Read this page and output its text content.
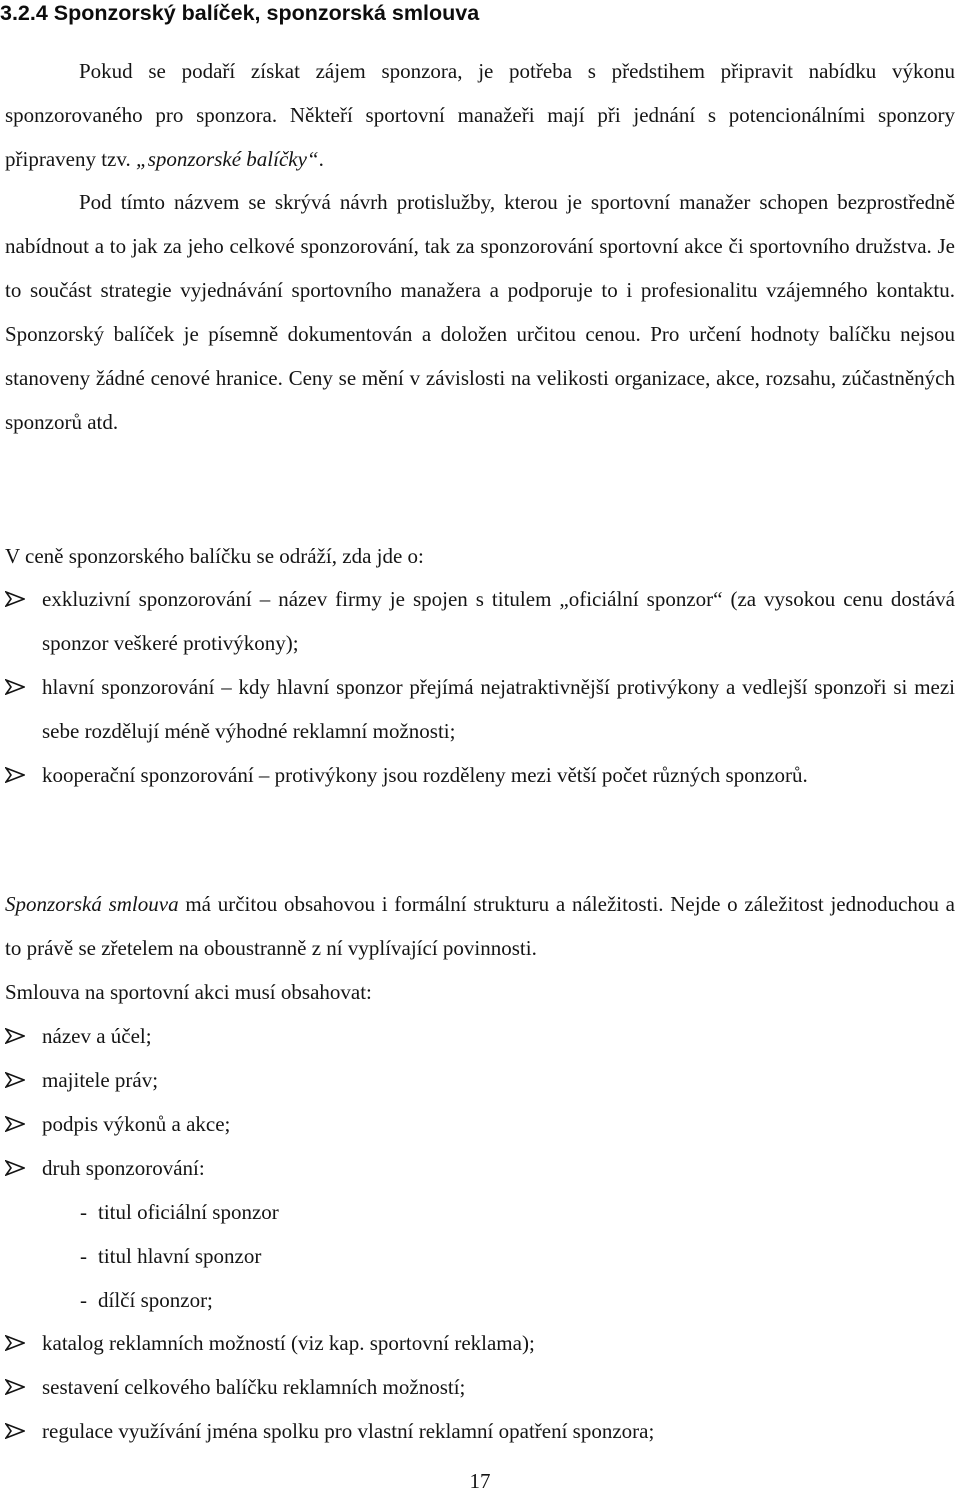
3.2.4 Sponzorský balíček, sponzorská smlouva

Pokud se podaří získat zájem sponzora, je potřeba s předstihem připravit nabídku výkonu sponzorovaného pro sponzora. Někteří sportovní manažeři mají při jednání s potencionálními sponzory připraveny tzv. „sponzorské balíčky“.

Pod tímto názvem se skrývá návrh protislužby, kterou je sportovní manažer schopen bezprostředně nabídnout a to jak za jeho celkové sponzorování, tak za sponzorování sportovní akce či sportovního družstva. Je to součást strategie vyjednávání sportovního manažera a podporuje to i profesionalitu vzájemného kontaktu. Sponzorský balíček je písemně dokumentován a doložen určitou cenou. Pro určení hodnoty balíčku nejsou stanoveny žádné cenové hranice. Ceny se mění v závislosti na velikosti organizace, akce, rozsahu, zúčastněných sponzorů atd.

V ceně sponzorského balíčku se odráží, zda jde o:

exkluzivní sponzorování – název firmy je spojen s titulem „oficiální sponzor“ (za vysokou cenu dostává sponzor veškeré protivýkony);
hlavní sponzorování – kdy hlavní sponzor přejímá nejatraktivnější protivýkony a vedlejší sponzoři si mezi sebe rozdělují méně výhodné reklamní možnosti;
kooperační sponzorování – protivýkony jsou rozděleny mezi větší počet různých sponzorů.

Sponzorská smlouva má určitou obsahovou i formální strukturu a náležitosti. Nejde o záležitost jednoduchou a to právě se zřetelem na oboustranně z ní vyplívající povinnosti.

Smlouva na sportovní akci musí obsahovat:

název a účel;
majitele práv;
podpis výkonů a akce;
druh sponzorování:
- titul oficiální sponzor
- titul hlavní sponzor
- dílčí sponzor;
katalog reklamních možností (viz kap. sportovní reklama);
sestavení celkového balíčku reklamních možností;
regulace využívání jména spolku pro vlastní reklamní opatření sponzora;
17
